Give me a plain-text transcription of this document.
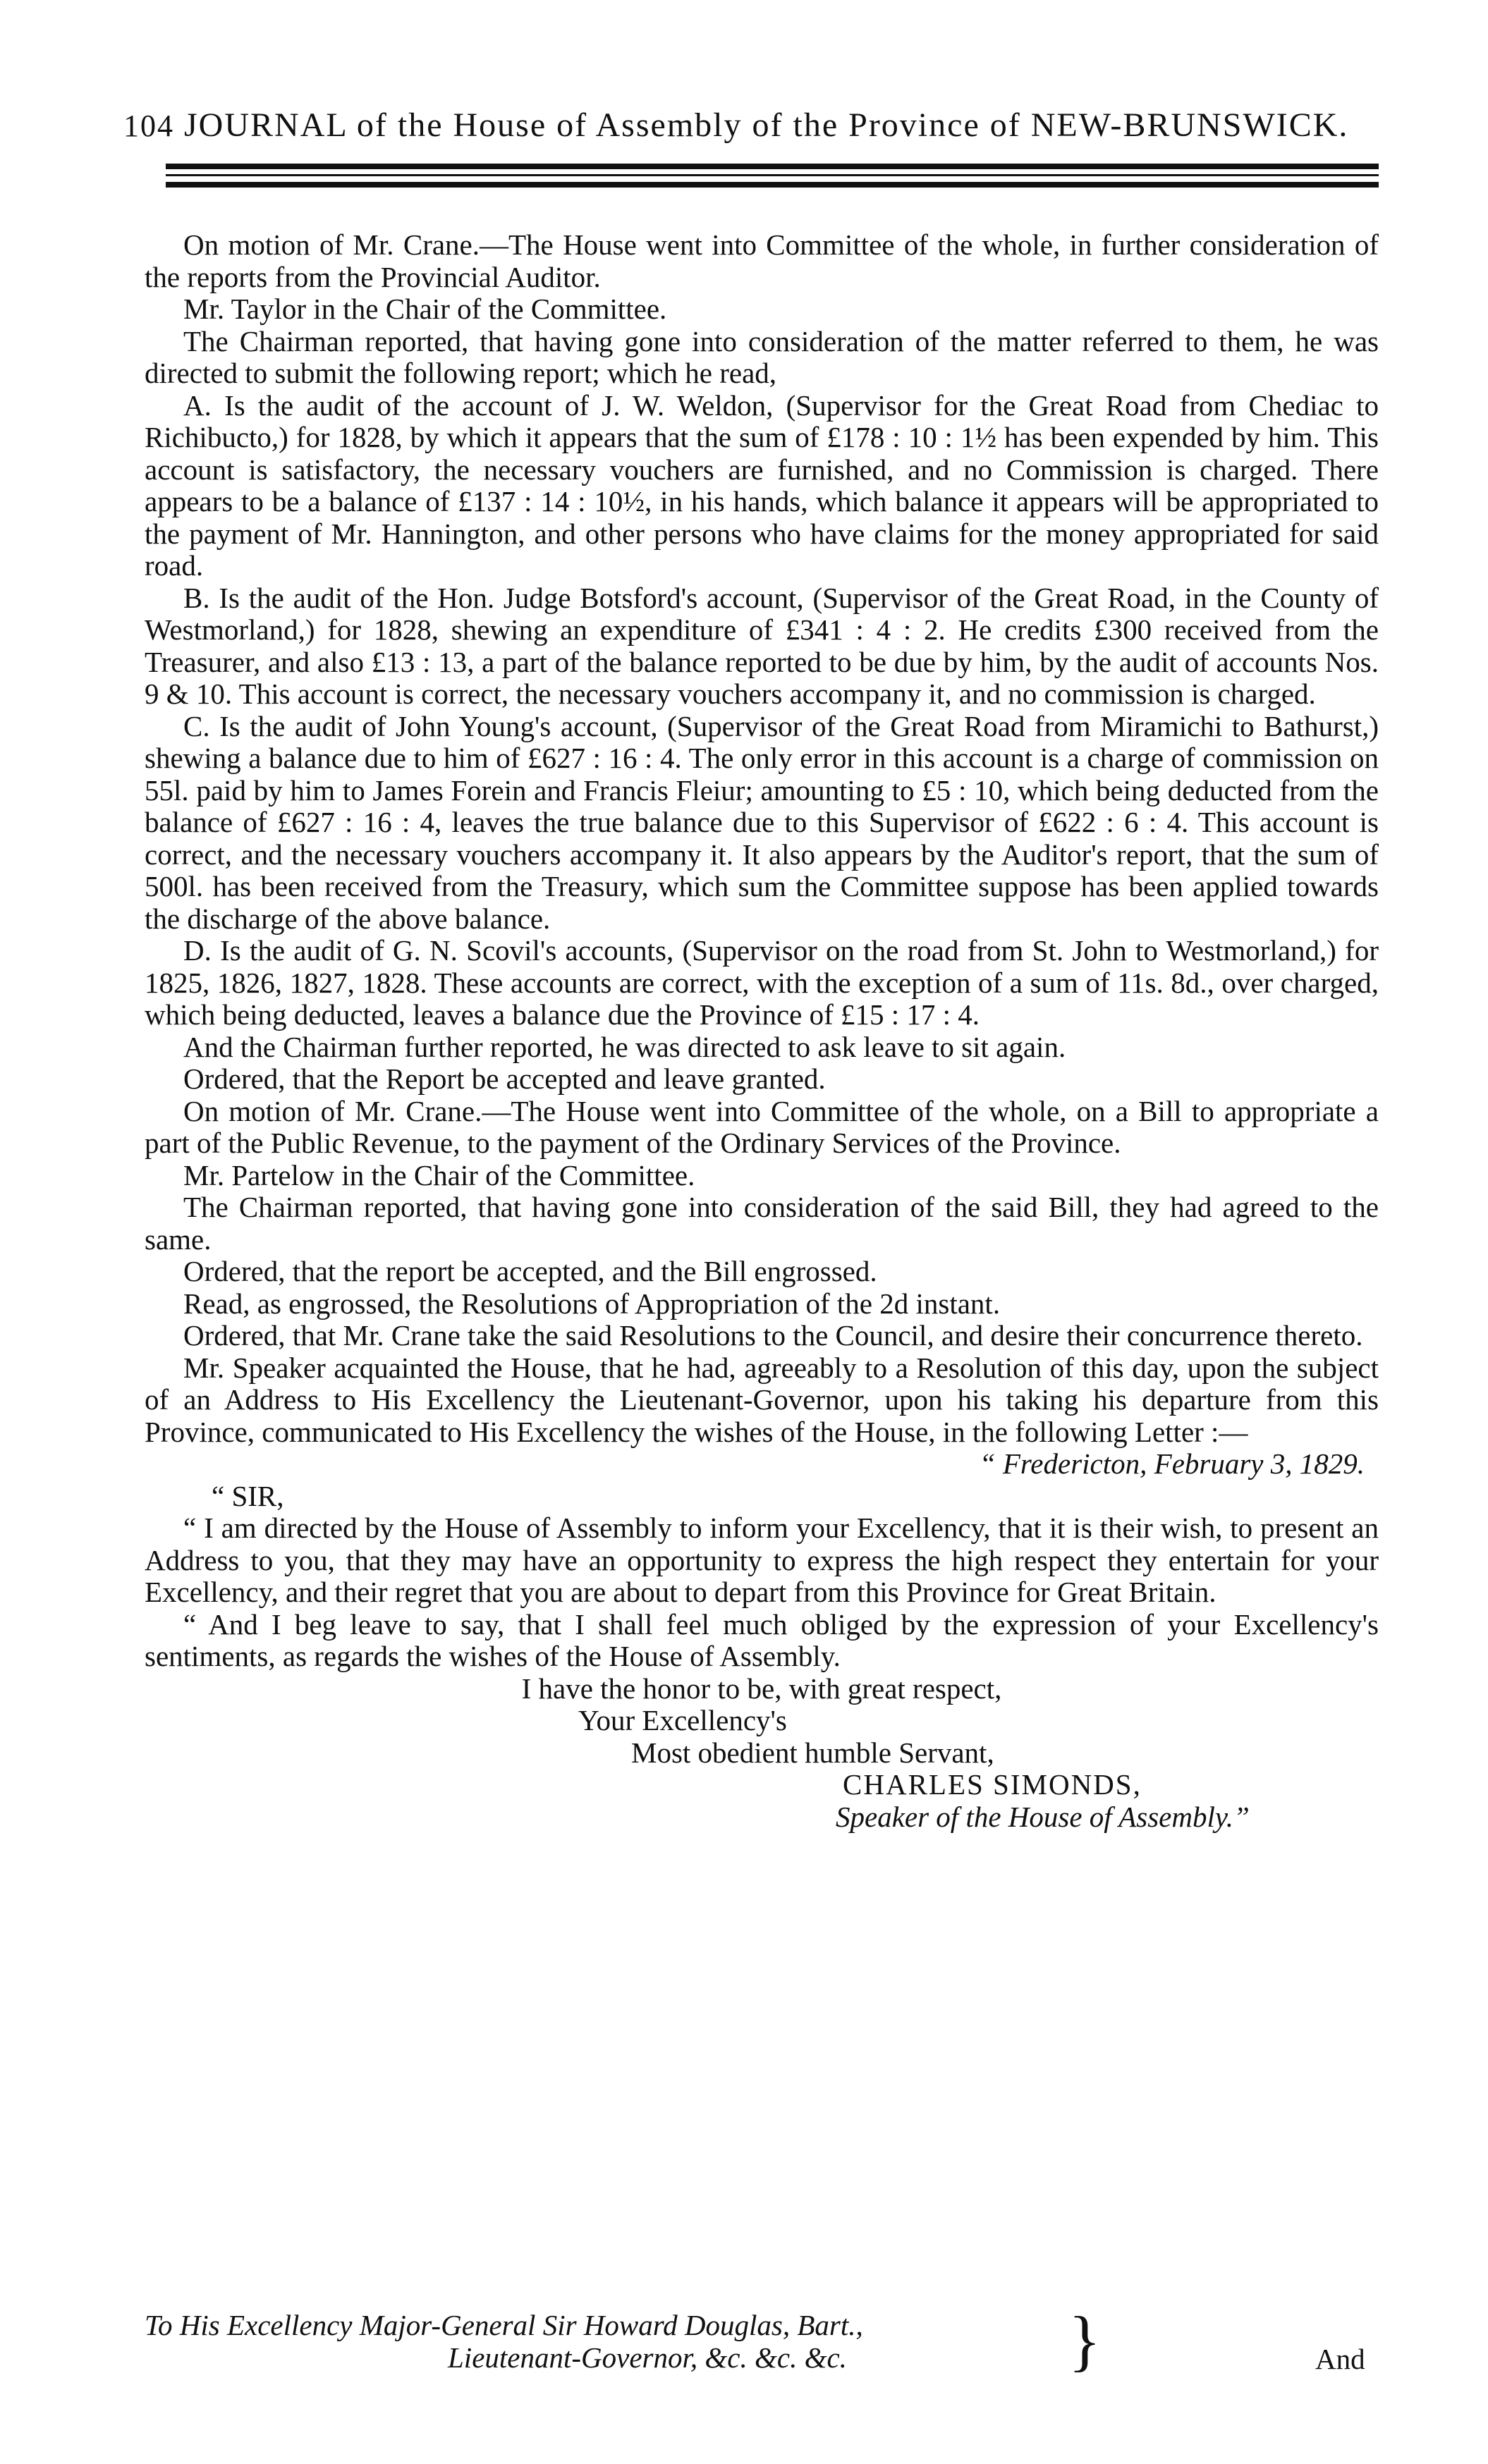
104 JOURNAL of the House of Assembly of the Province of NEW-BRUNSWICK.

On motion of Mr. Crane.—The House went into Committee of the whole, in further consideration of the reports from the Provincial Auditor.

Mr. Taylor in the Chair of the Committee.

The Chairman reported, that having gone into consideration of the matter referred to them, he was directed to submit the following report; which he read,

A. Is the audit of the account of J. W. Weldon, (Supervisor for the Great Road from Chediac to Richibucto,) for 1828, by which it appears that the sum of £178 : 10 : 1½ has been expended by him. This account is satisfactory, the necessary vouchers are furnished, and no Commission is charged. There appears to be a balance of £137 : 14 : 10½, in his hands, which balance it appears will be appropriated to the payment of Mr. Hannington, and other persons who have claims for the money appropriated for said road.

B. Is the audit of the Hon. Judge Botsford's account, (Supervisor of the Great Road, in the County of Westmorland,) for 1828, shewing an expenditure of £341 : 4 : 2. He credits £300 received from the Treasurer, and also £13 : 13, a part of the balance reported to be due by him, by the audit of accounts Nos. 9 & 10. This account is correct, the necessary vouchers accompany it, and no commission is charged.

C. Is the audit of John Young's account, (Supervisor of the Great Road from Miramichi to Bathurst,) shewing a balance due to him of £627 : 16 : 4. The only error in this account is a charge of commission on 55l. paid by him to James Forein and Francis Fleiur; amounting to £5 : 10, which being deducted from the balance of £627 : 16 : 4, leaves the true balance due to this Supervisor of £622 : 6 : 4. This account is correct, and the necessary vouchers accompany it. It also appears by the Auditor's report, that the sum of 500l. has been received from the Treasury, which sum the Committee suppose has been applied towards the discharge of the above balance.

D. Is the audit of G. N. Scovil's accounts, (Supervisor on the road from St. John to Westmorland,) for 1825, 1826, 1827, 1828. These accounts are correct, with the exception of a sum of 11s. 8d., over charged, which being deducted, leaves a balance due the Province of £15 : 17 : 4.

And the Chairman further reported, he was directed to ask leave to sit again.

Ordered, that the Report be accepted and leave granted.

On motion of Mr. Crane.—The House went into Committee of the whole, on a Bill to appropriate a part of the Public Revenue, to the payment of the Ordinary Services of the Province.

Mr. Partelow in the Chair of the Committee.

The Chairman reported, that having gone into consideration of the said Bill, they had agreed to the same.

Ordered, that the report be accepted, and the Bill engrossed.

Read, as engrossed, the Resolutions of Appropriation of the 2d instant.

Ordered, that Mr. Crane take the said Resolutions to the Council, and desire their concurrence thereto.

Mr. Speaker acquainted the House, that he had, agreeably to a Resolution of this day, upon the subject of an Address to His Excellency the Lieutenant-Governor, upon his taking his departure from this Province, communicated to His Excellency the wishes of the House, in the following Letter :—

“ Fredericton, February 3, 1829.

“ SIR,

“ I am directed by the House of Assembly to inform your Excellency, that it is their wish, to present an Address to you, that they may have an opportunity to express the high respect they entertain for your Excellency, and their regret that you are about to depart from this Province for Great Britain.

“ And I beg leave to say, that I shall feel much obliged by the expression of your Excellency's sentiments, as regards the wishes of the House of Assembly.

I have the honor to be, with great respect,

Your Excellency's

Most obedient humble Servant,

CHARLES SIMONDS,

Speaker of the House of Assembly.”

To His Excellency Major-General Sir Howard Douglas, Bart.,
Lieutenant-Governor, &c. &c. &c.	}	And
